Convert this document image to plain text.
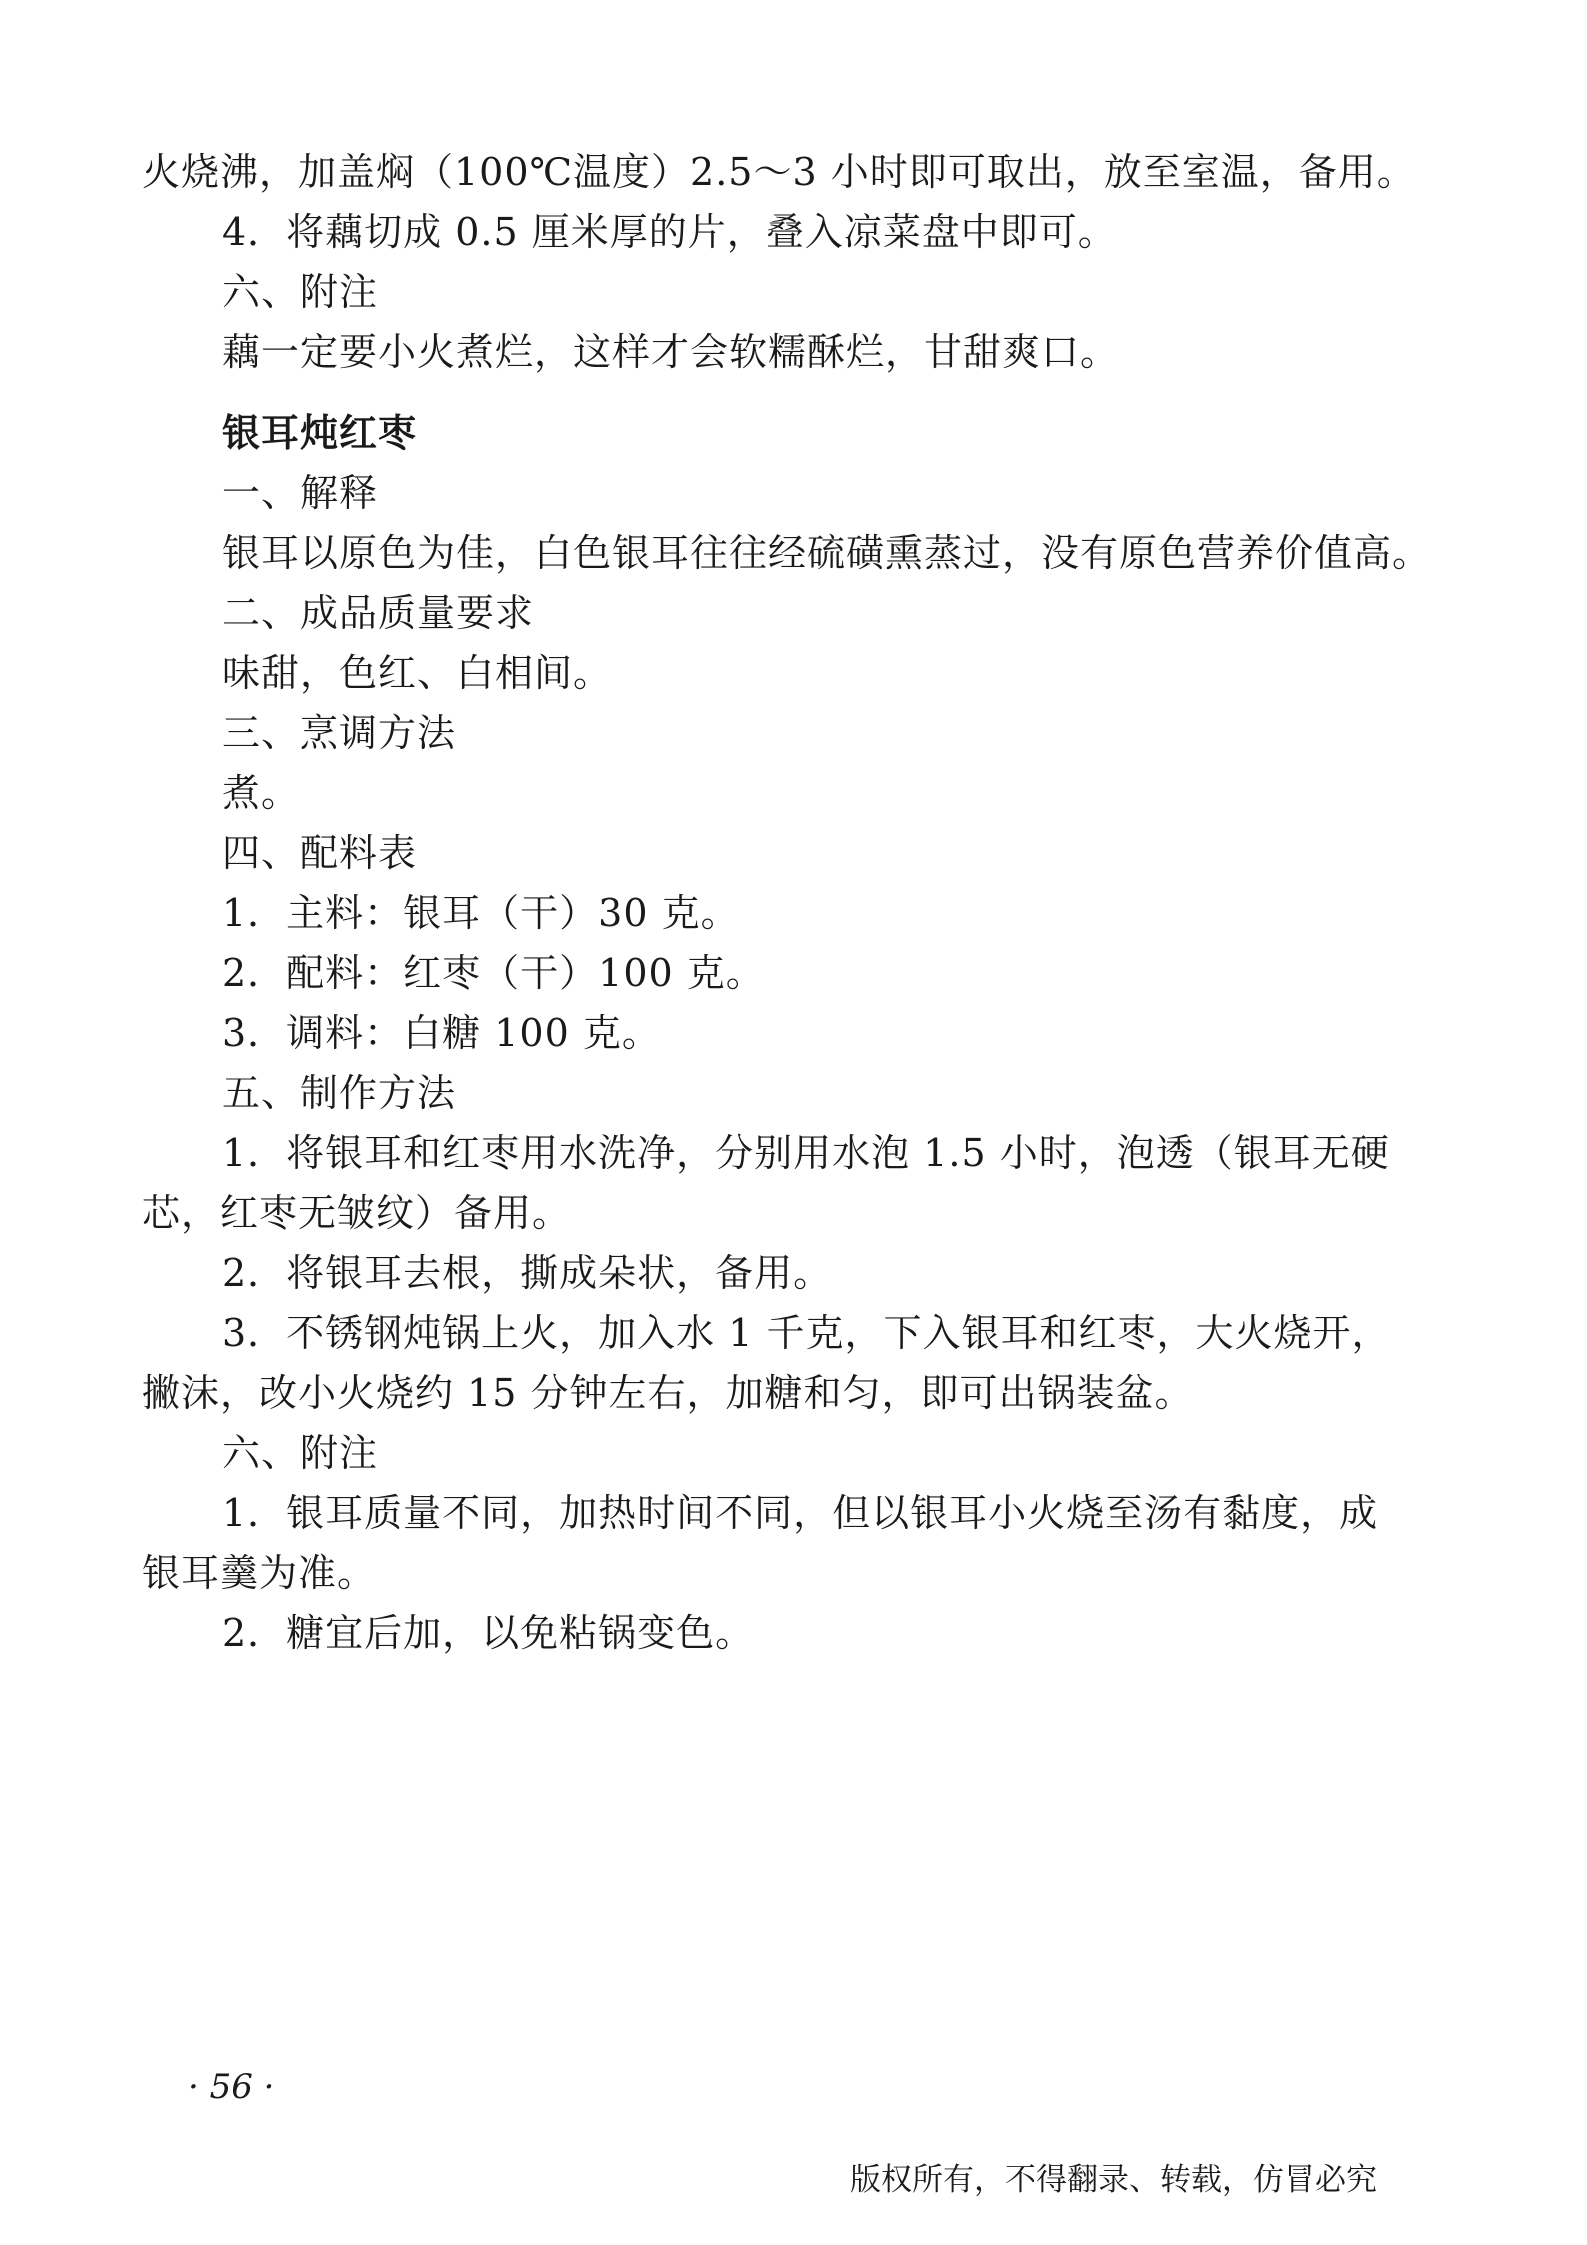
火烧沸，加盖焖（100℃温度）2.5～3 小时即可取出，放至室温，备用。
4．将藕切成 0.5 厘米厚的片，叠入凉菜盘中即可。
六、附注
藕一定要小火煮烂，这样才会软糯酥烂，甘甜爽口。
银耳炖红枣
一、解释
银耳以原色为佳，白色银耳往往经硫磺熏蒸过，没有原色营养价值高。
二、成品质量要求
味甜，色红、白相间。
三、烹调方法
煮。
四、配料表
1．主料：银耳（干）30 克。
2．配料：红枣（干）100 克。
3．调料：白糖 100 克。
五、制作方法
1．将银耳和红枣用水洗净，分别用水泡 1.5 小时，泡透（银耳无硬
芯，红枣无皱纹）备用。
2．将银耳去根，撕成朵状，备用。
3．不锈钢炖锅上火，加入水 1 千克，下入银耳和红枣，大火烧开，
撇沫，改小火烧约 15 分钟左右，加糖和匀，即可出锅装盆。
六、附注
1．银耳质量不同，加热时间不同，但以银耳小火烧至汤有黏度，成
银耳羹为准。
2．糖宜后加，以免粘锅变色。
· 56 ·
版权所有，不得翻录、转载，仿冒必究
